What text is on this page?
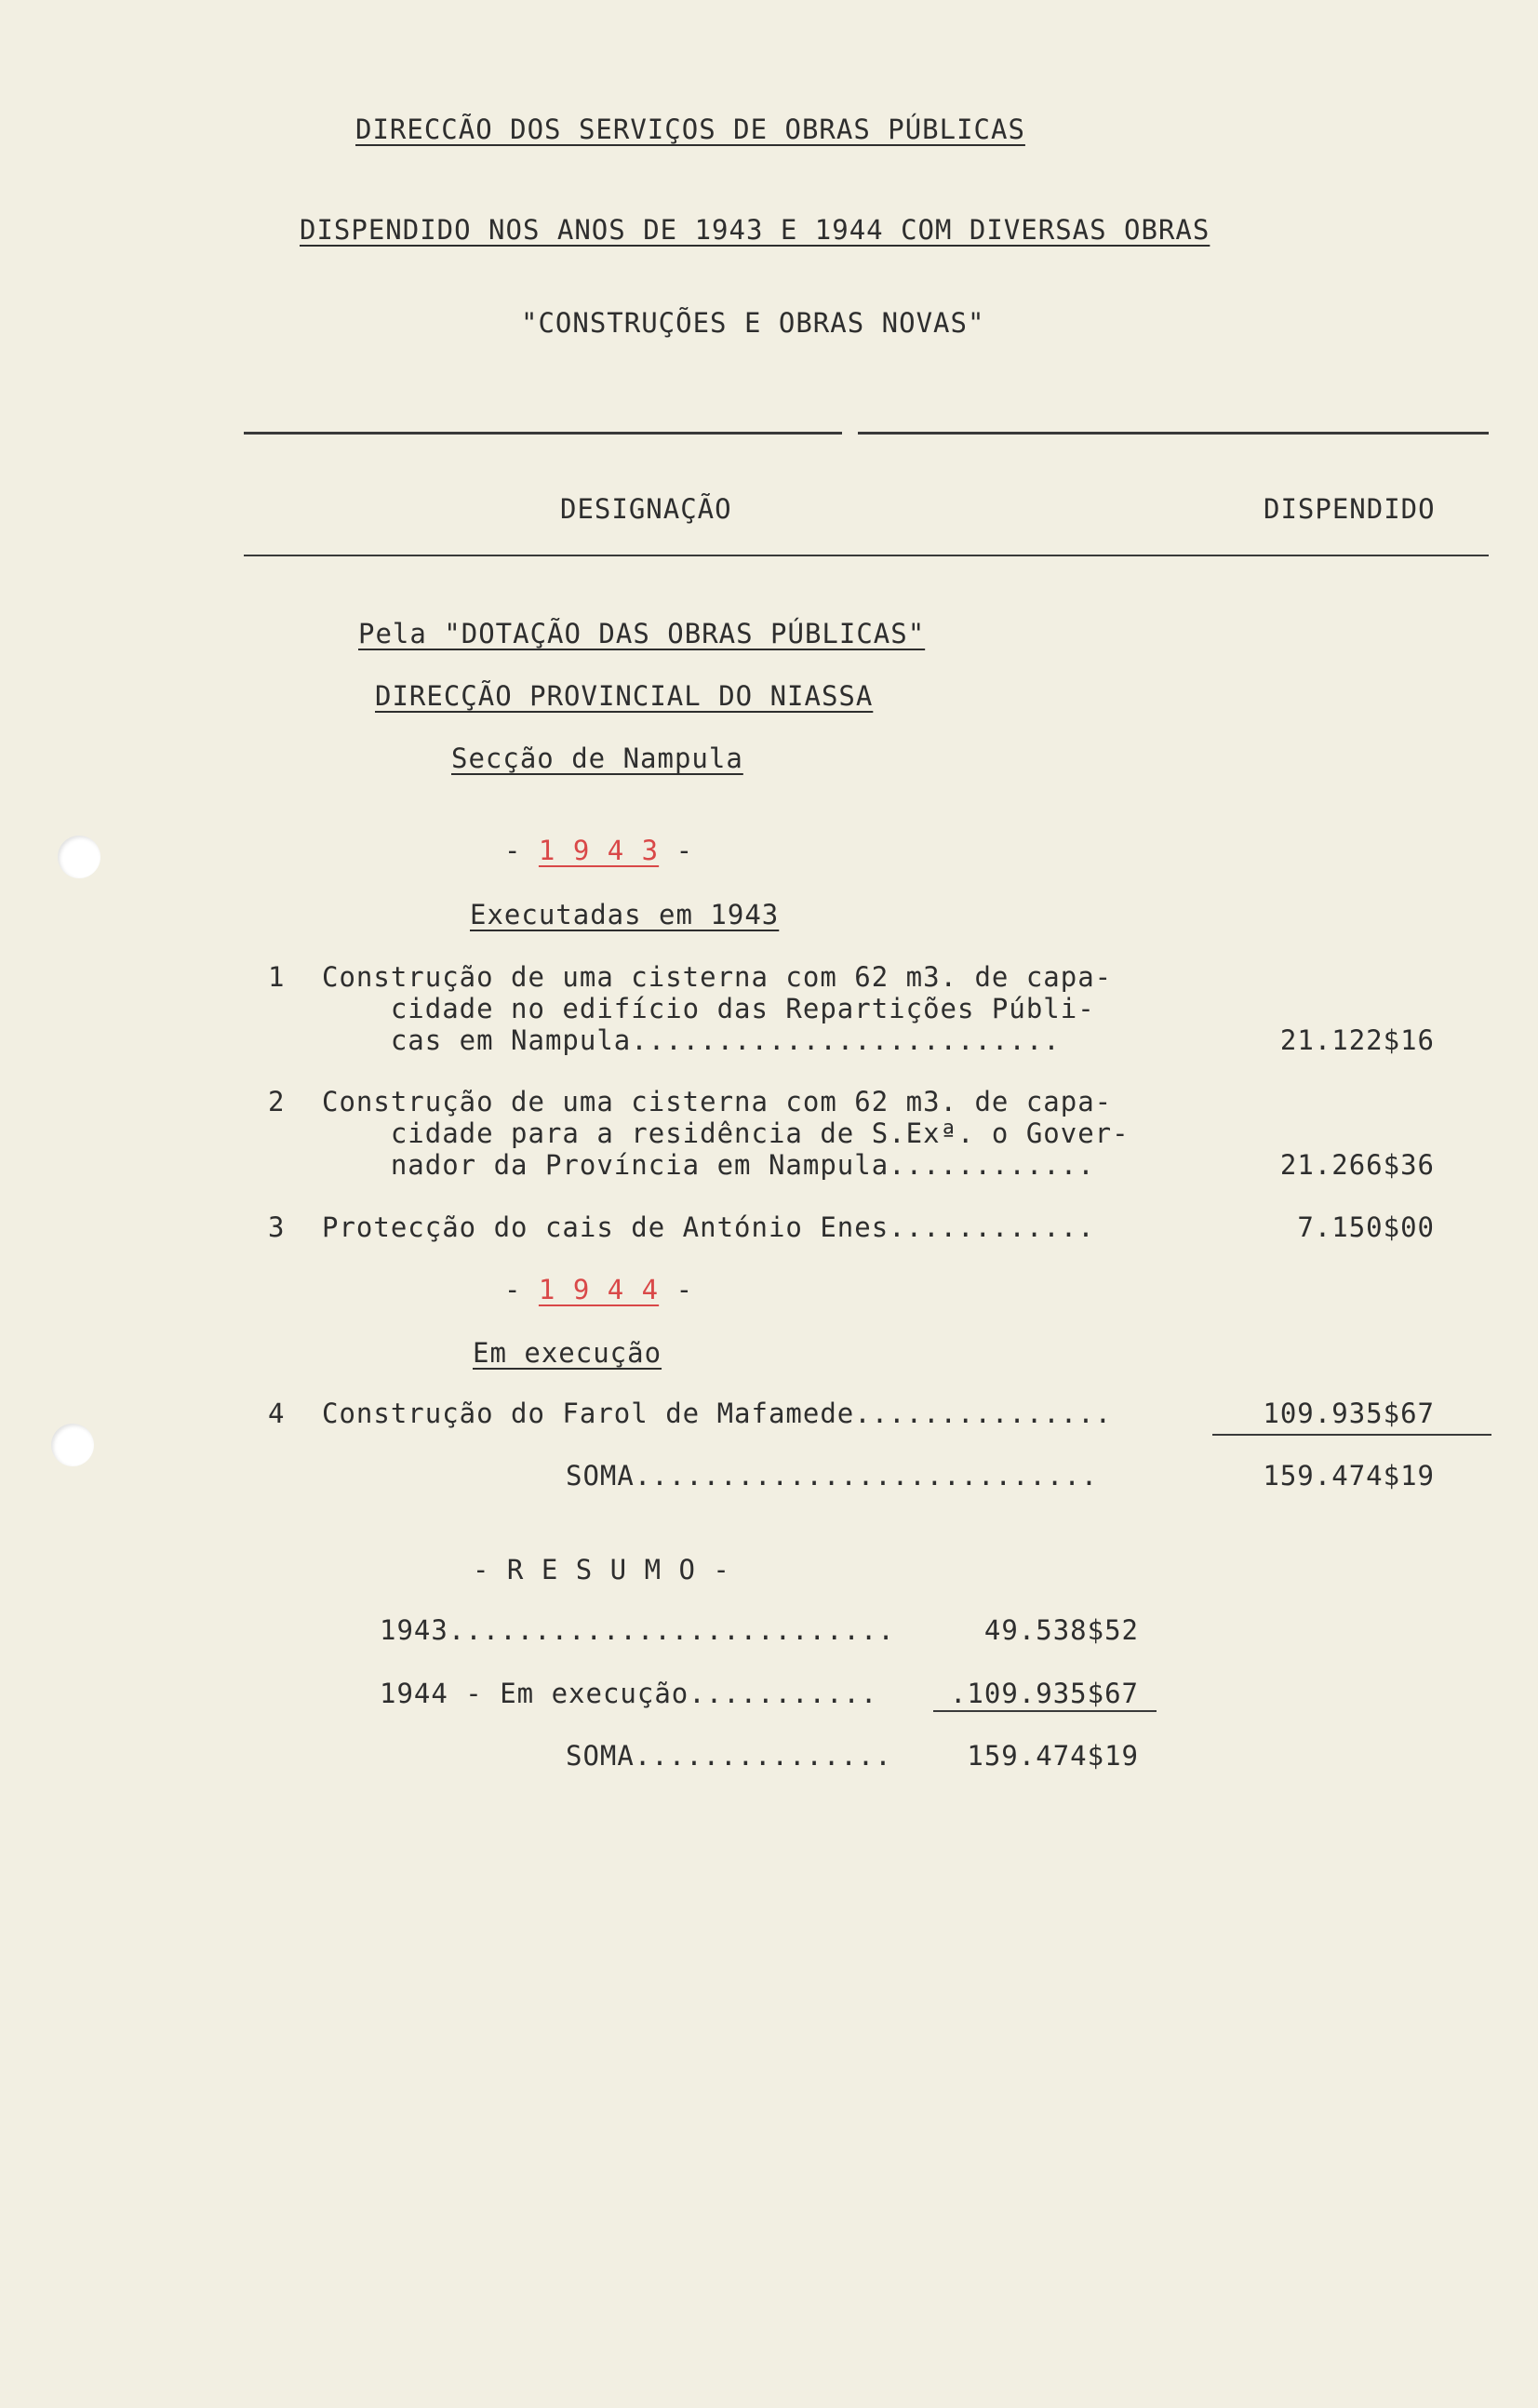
DIRECCÃO DOS SERVIÇOS DE OBRAS PÚBLICAS
DISPENDIDO NOS ANOS DE 1943 E 1944 COM DIVERSAS OBRAS
"CONSTRUÇÕES E OBRAS NOVAS"
DESIGNAÇÃO	DISPENDIDO
Pela "DOTAÇÃO DAS OBRAS PÚBLICAS"
DIRECÇÃO PROVINCIAL DO NIASSA
Secção de Nampula
- 1 9 4 3 -
Executadas em 1943
1 Construção de uma cisterna com 62 m3. de capa-
cidade no edifício das Repartições Públi-
cas em Nampula.........................	21.122$16
2 Construção de uma cisterna com 62 m3. de capa-
cidade para a residência de S.Exª. o Gover-
nador da Província em Nampula............	21.266$36
3 Protecção do cais de António Enes............	7.150$00
- 1 9 4 4 -
Em execução
4 Construção do Farol de Mafamede...............	109.935$67
SOMA...........................	159.474$19
- R E S U M O -
1943..........................	49.538$52
1944 - Em execução...........	.109.935$67
SOMA...............	159.474$19
